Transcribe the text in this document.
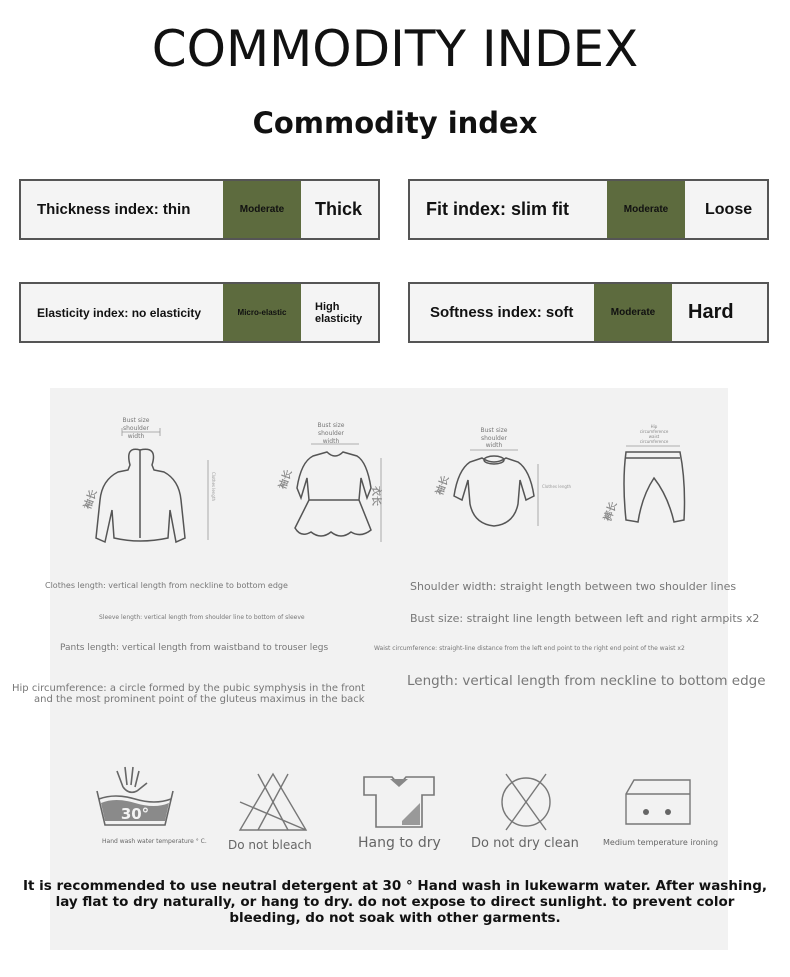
COMMODITY INDEX
Commodity index
Thickness index: thin	Moderate	Thick	Fit index: slim fit	Moderate	Loose
Elasticity index: no elasticity	Micro-elastic	High elasticity	Softness index: soft	Moderate	Hard
Bust size
shoulder
width
袖长	Clothes length
Bust size
shoulder
width
袖长
衣长
Bust size
shoulder
width
袖长	Clothes length
Hip
circumference
waist
circumference
裤长
Clothes length: vertical length from neckline to bottom edge	Shoulder width: straight length between two shoulder lines
Sleeve length: vertical length from shoulder line to bottom of sleeve	Bust size: straight line length between left and right armpits x2
Pants length: vertical length from waistband to trouser legs	Waist circumference: straight-line distance from the left end point to the right end point of the waist x2
Hip circumference: a circle formed by the pubic symphysis in the front
and the most prominent point of the gluteus maximus in the back
Length: vertical length from neckline to bottom edge
30°
Hand wash water temperature ° C. Do not bleach	Hang to dry Do not dry clean	Medium temperature ironing
It is recommended to use neutral detergent at 30 ° Hand wash in lukewarm water. After washing, lay flat to dry naturally, or hang to dry. do not expose to direct sunlight. to prevent color bleeding, do not soak with other garments.
